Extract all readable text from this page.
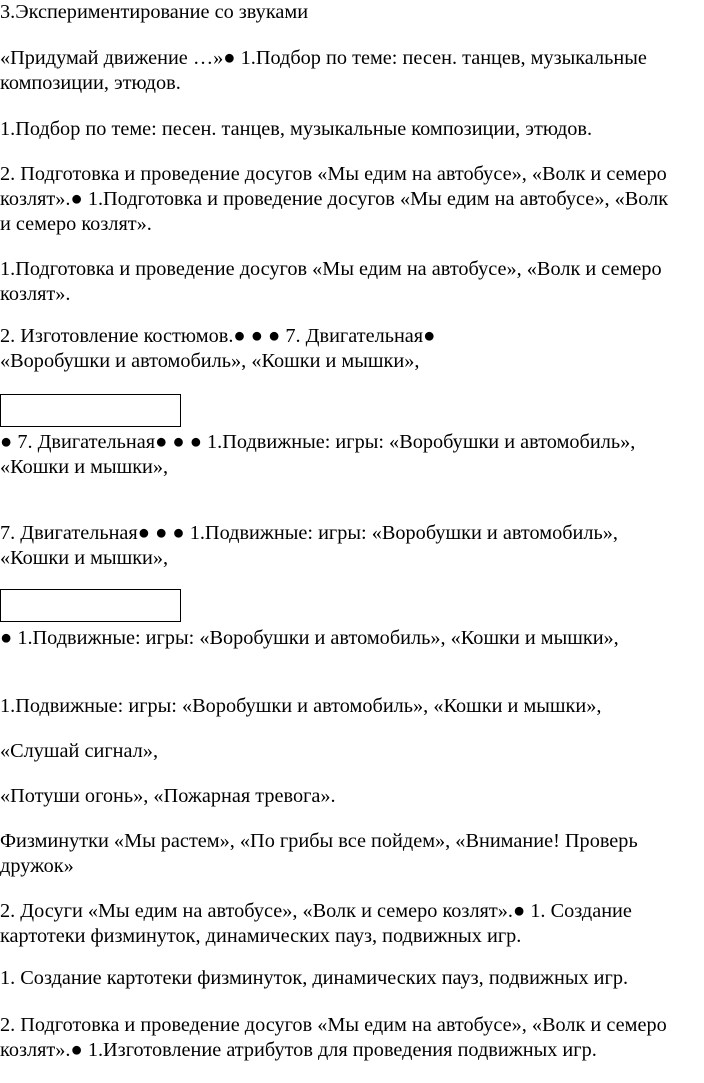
3.Экспериментирование со звуками

«Придумай движение …»● 1.Подбор по теме: песен. танцев, музыкальные
композиции, этюдов.

1.Подбор по теме: песен. танцев, музыкальные композиции, этюдов.

2. Подготовка и проведение досугов «Мы едим на автобусе», «Волк и семеро
козлят».● 1.Подготовка и проведение досугов «Мы едим на автобусе», «Волк
и семеро козлят».

1.Подготовка и проведение досугов «Мы едим на автобусе», «Волк и семеро
козлят».

2. Изготовление костюмов.● ● ● 7. Двигательная●
«Воробушки и автомобиль», «Кошки и мышки»,

● 7. Двигательная● ● ● 1.Подвижные: игры: «Воробушки и автомобиль»,
«Кошки и мышки»,

7. Двигательная● ● ● 1.Подвижные: игры: «Воробушки и автомобиль»,
«Кошки и мышки»,

● 1.Подвижные: игры: «Воробушки и автомобиль», «Кошки и мышки»,

1.Подвижные: игры: «Воробушки и автомобиль», «Кошки и мышки»,

«Слушай сигнал»,

«Потуши огонь», «Пожарная тревога».

Физминутки «Мы растем», «По грибы все пойдем», «Внимание! Проверь
дружок»

2. Досуги «Мы едим на автобусе», «Волк и семеро козлят».● 1. Создание
картотеки физминуток, динамических пауз, подвижных игр.

1. Создание картотеки физминуток, динамических пауз, подвижных игр.

2. Подготовка и проведение досугов «Мы едим на автобусе», «Волк и семеро
козлят».● 1.Изготовление атрибутов для проведения подвижных игр.
